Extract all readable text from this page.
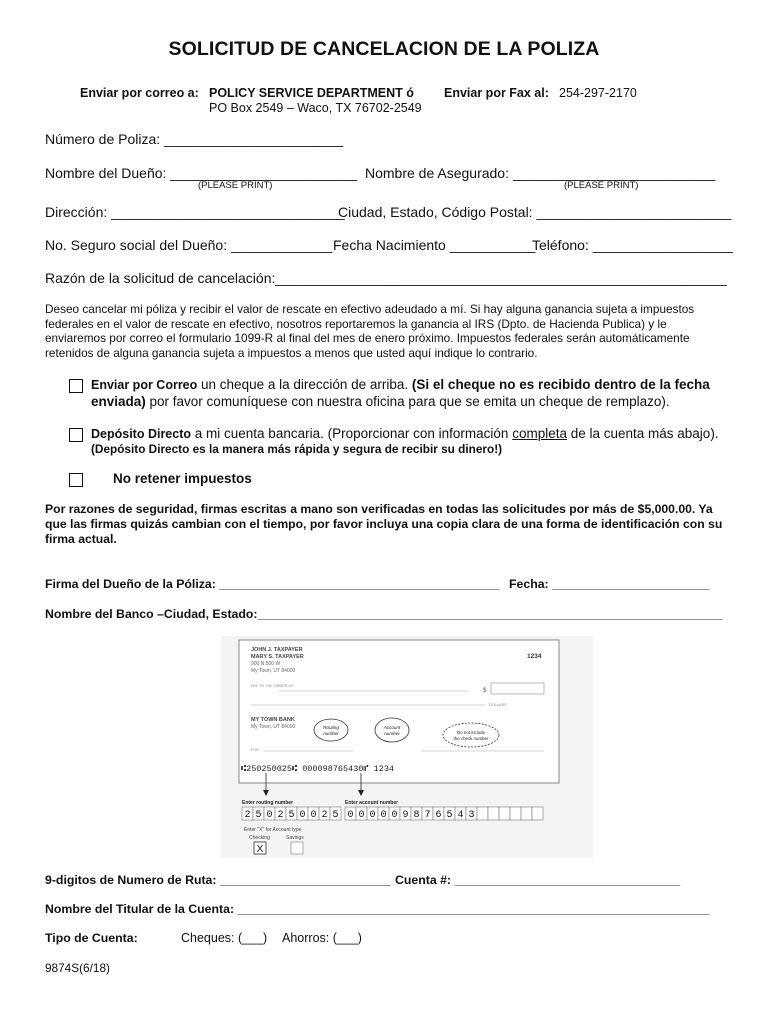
SOLICITUD DE CANCELACION DE LA POLIZA
Enviar por correo a: POLICY SERVICE DEPARTMENT ó Enviar por Fax al: 254-297-2170
PO Box 2549 – Waco, TX 76702-2549
Número de Poliza: _______________________
Nombre del Dueño: ________________________ Nombre de Asegurado: __________________________
(PLEASE PRINT)	(PLEASE PRINT)
Dirección: ______________________________
Ciudad, Estado, Código Postal: _________________________
No. Seguro social del Dueño: _____________ Fecha Nacimiento ___________
Teléfono: __________________
Razón de la solicitud de cancelación:__________________________________________________________
Deseo cancelar mi póliza y recibir el valor de rescate en efectivo adeudado a mí. Si hay alguna ganancia sujeta a impuestos federales en el valor de rescate en efectivo, nosotros reportaremos la ganancia al IRS (Dpto. de Hacienda Publica) y le enviaremos por correo el formulario 1099-R al final del mes de enero próximo. Impuestos federales serán automáticamente retenidos de alguna ganancia sujeta a impuestos a menos que usted aquí indique lo contrario.
Enviar por Correo un cheque a la dirección de arriba. (Si el cheque no es recibido dentro de la fecha
enviada) por favor comuníquese con nuestra oficina para que se emita un cheque de remplazo).
Depósito Directo a mi cuenta bancaria. (Proporcionar con información completa de la cuenta más abajo).
(Depósito Directo es la manera más rápida y segura de recibir su dinero!)
No retener impuestos
Por razones de seguridad, firmas escritas a mano son verificadas en todas las solicitudes por más de $5,000.00. Ya que las firmas quizás cambian con el tiempo, por favor incluya una copia clara de una forma de identificación con su firma actual.
Firma del Dueño de la Póliza: _________________________________________ Fecha: _______________________
Nombre del Banco –Ciudad, Estado:____________________________________________________________________
JOHN J. TAXPAYER
MARY S. TAXPAYER
900 N 500 W
My Town, UT 84000
1234
PAY TO THE ORDER OF
$
DOLLARS
MY TOWN BANK
My Town, UT 84000
FOR
Routing number
Account number	Do not include the check number
⑆250250025⑆ 000098765430⑈ 1234
Enter routing number	Enter account number
2 5 0 2 5 0 0 2 5 0 0 0 0 0 9 8 7 6 5 4 3
Enter "X" for Account type
Checking	Savings
X
9-digitos de Numero de Ruta: _________________________ Cuenta #: _________________________________
Nombre del Titular de la Cuenta: _____________________________________________________________________
Tipo de Cuenta:	Cheques: (___) Ahorros: (___)
9874S(6/18)
